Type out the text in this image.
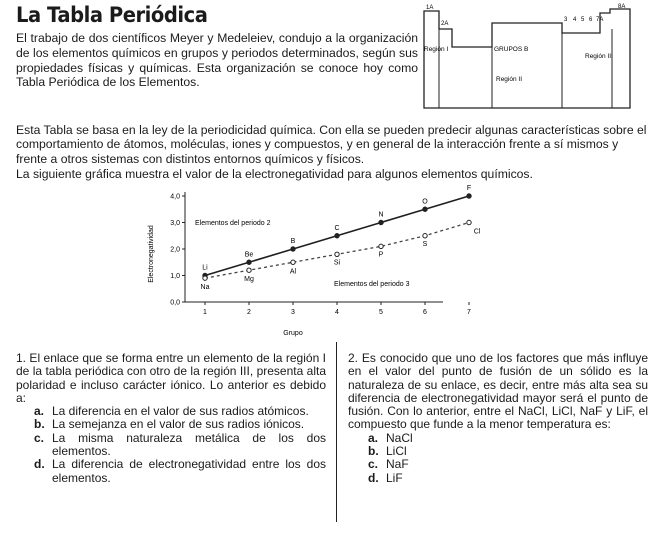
La Tabla Periódica

El trabajo de dos científicos Meyer y Medeleiev, condujo a la organización de los elementos químicos en grupos y periodos determinados, según sus propiedades físicas y químicas. Esta organización se conoce hoy como Tabla Periódica de los Elementos.

1A
2A
3 4 5 6 7A
8A
Región I	GRUPOS B
Región II
Región III

Esta Tabla se basa en la ley de la periodicidad química. Con ella se pueden predecir algunas características sobre el comportamiento de átomos, moléculas, iones y compuestos, y en general de la interacción frente a sí mismos y frente a otros sistemas con distintos entornos químicos y físicos.

La siguiente gráfica muestra el valor de la electronegatividad para algunos elementos químicos.

0,0
1,0
2,0
3,0
4,0
1	2	3	4	5	6	7
Li
Be
B
C
N
O
F
Na
Mg
Al
Si
P
S
Cl
Electronegatividad
Grupo
Elementos del periodo 2
Elementos del periodo 3

1. El enlace que se forma entre un elemento de la región I de la tabla periódica con otro de la región III, presenta alta polaridad e incluso carácter iónico. Lo anterior es debido a:

a. La diferencia en el valor de sus radios atómicos.
b. La semejanza en el valor de sus radios iónicos.
c. La misma naturaleza metálica de los dos elementos.
d. La diferencia de electronegatividad entre los dos elementos.

2. Es conocido que uno de los factores que más influye en el valor del punto de fusión de un sólido es la naturaleza de su enlace, es decir, entre más alta sea su diferencia de electronegatividad mayor será el punto de fusión. Con lo anterior, entre el NaCl, LiCl, NaF y LiF, el compuesto que funde a la menor temperatura es:

a. NaCl
b. LiCl
c. NaF
d. LiF
